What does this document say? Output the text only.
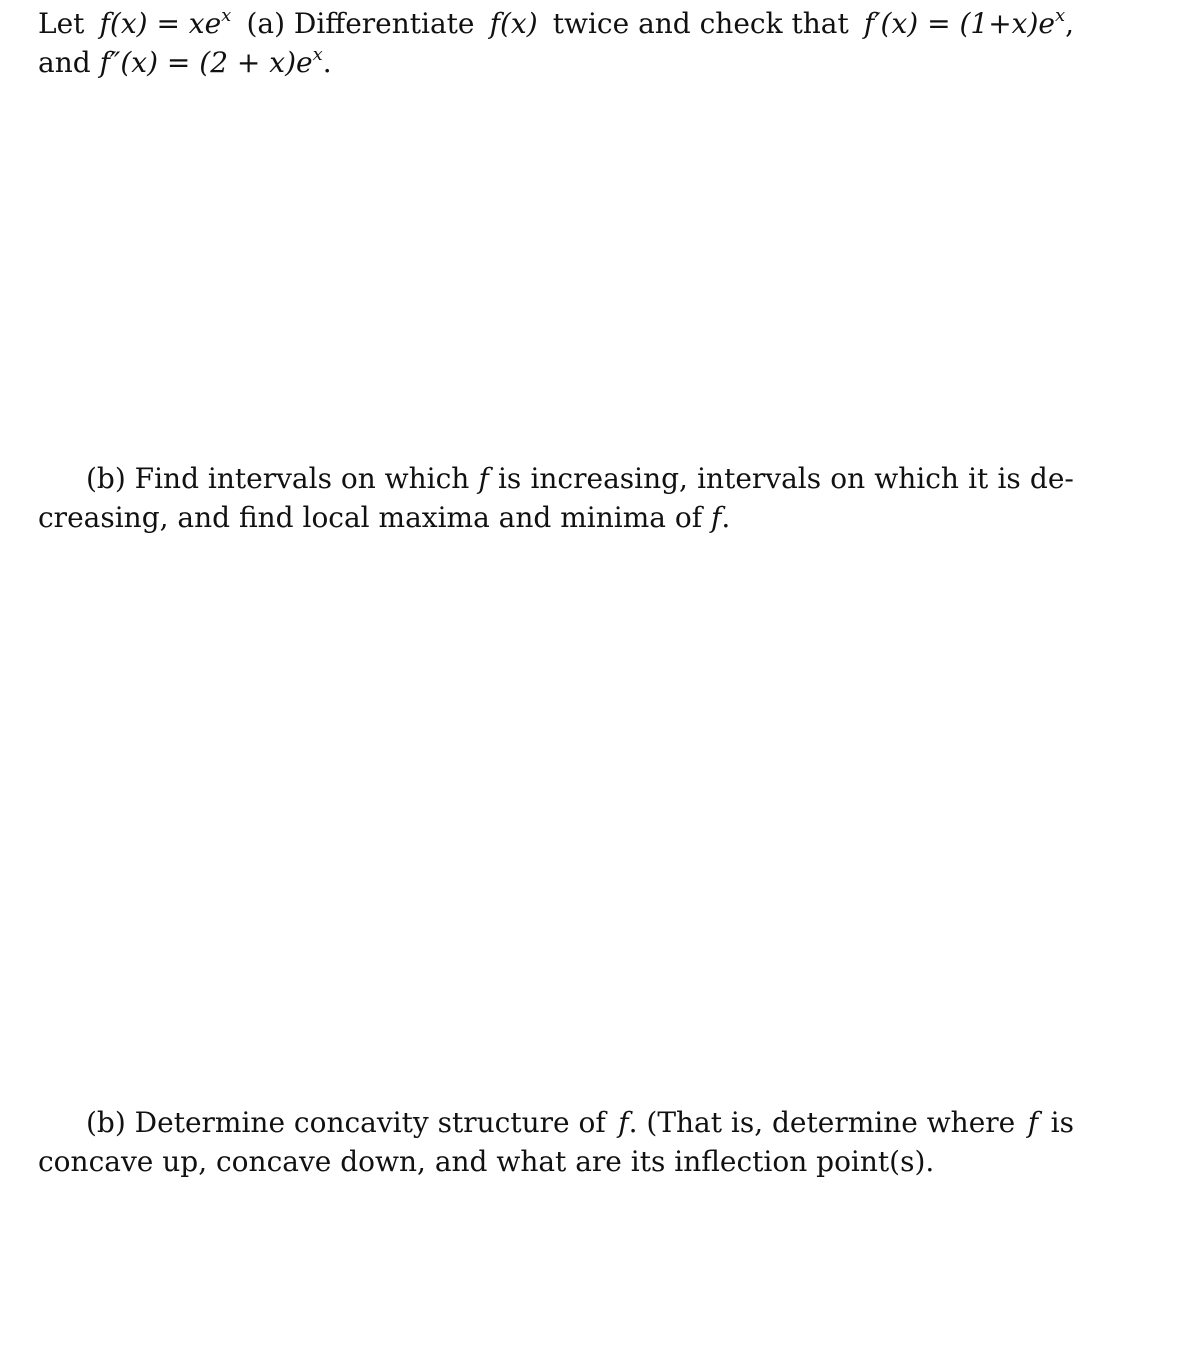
Let $f(x) = xe^x$ (a) Differentiate f(x) twice and check that $f'(x) = (1+x)e^x$,
and $f''(x) = (2 + x)e^x$.
(b) Find intervals on which f is increasing, intervals on which it is de-
creasing, and find local maxima and minima of f.
(b) Determine concavity structure of f. (That is, determine where f is
concave up, concave down, and what are its inflection point(s).
